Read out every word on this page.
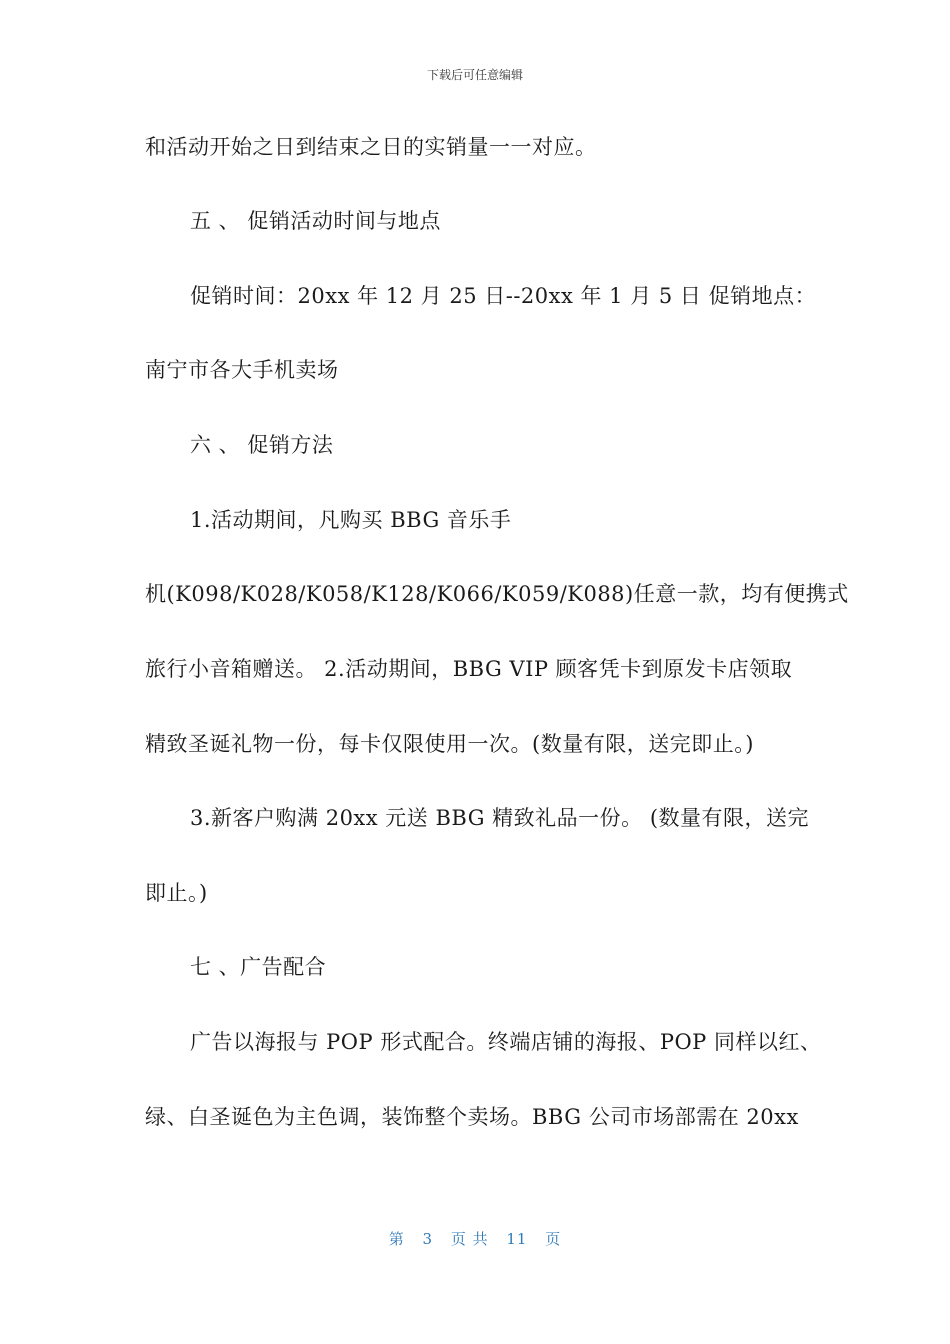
下载后可任意编辑
和活动开始之日到结束之日的实销量一一对应。
五 、 促销活动时间与地点
促销时间：20xx 年 12 月 25 日--20xx 年 1 月 5 日 促销地点：
南宁市各大手机卖场
六 、 促销方法
1.活动期间，凡购买 BBG 音乐手
机(K098/K028/K058/K128/K066/K059/K088)任意一款，均有便携式
旅行小音箱赠送。 2.活动期间，BBG VIP 顾客凭卡到原发卡店领取
精致圣诞礼物一份，每卡仅限使用一次。(数量有限，送完即止。)
3.新客户购满 20xx 元送 BBG 精致礼品一份。 (数量有限，送完
即止。)
七 、广告配合
广告以海报与 POP 形式配合。终端店铺的海报、POP 同样以红、
绿、白圣诞色为主色调，装饰整个卖场。BBG 公司市场部需在 20xx
第 3 页 共 11 页
